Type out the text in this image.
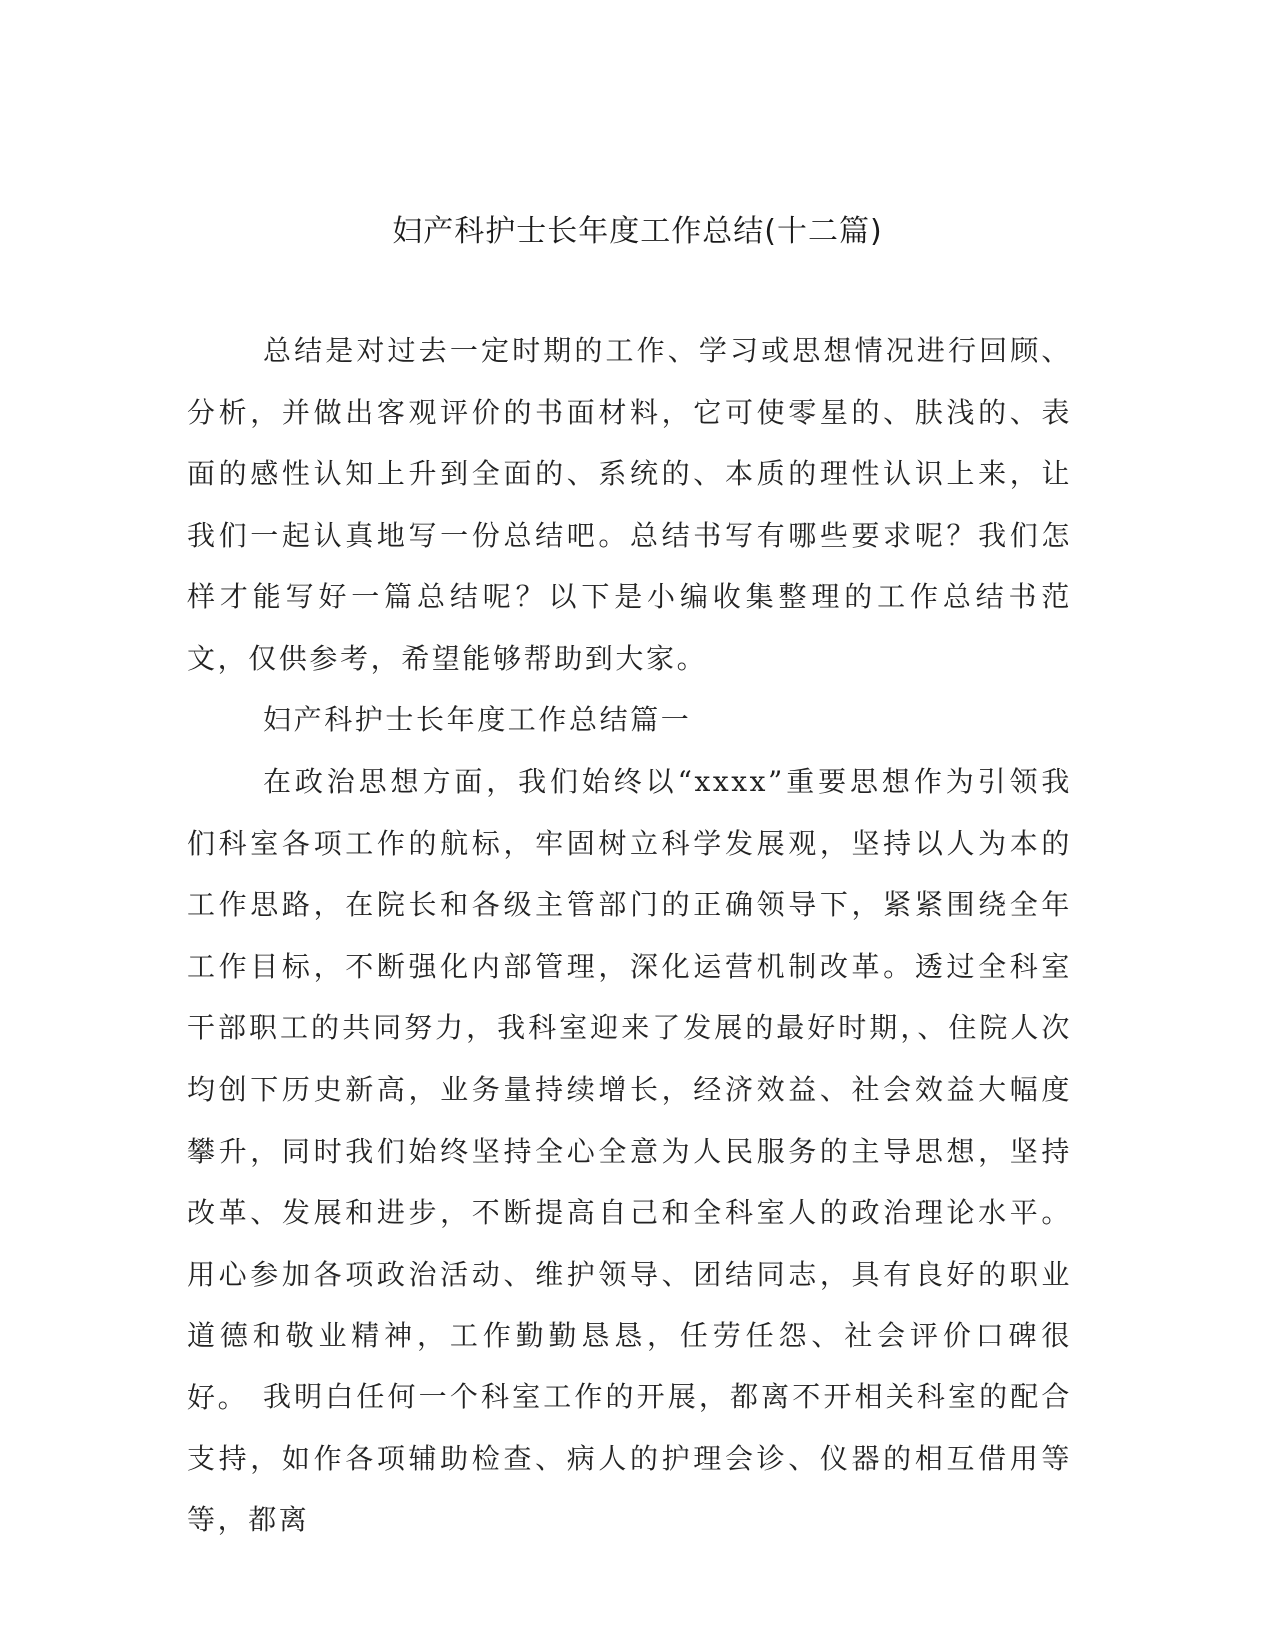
妇产科护士长年度工作总结(十二篇)

总结是对过去一定时期的工作、学习或思想情况进行回顾、分析，并做出客观评价的书面材料，它可使零星的、肤浅的、表面的感性认知上升到全面的、系统的、本质的理性认识上来，让我们一起认真地写一份总结吧。总结书写有哪些要求呢？我们怎样才能写好一篇总结呢？以下是小编收集整理的工作总结书范文，仅供参考，希望能够帮助到大家。

妇产科护士长年度工作总结篇一

在政治思想方面，我们始终以“xxxx”重要思想作为引领我们科室各项工作的航标，牢固树立科学发展观，坚持以人为本的工作思路，在院长和各级主管部门的正确领导下，紧紧围绕全年工作目标，不断强化内部管理，深化运营机制改革。透过全科室干部职工的共同努力，我科室迎来了发展的最好时期，、住院人次均创下历史新高，业务量持续增长，经济效益、社会效益大幅度攀升，同时我们始终坚持全心全意为人民服务的主导思想，坚持改革、发展和进步，不断提高自己和全科室人的政治理论水平。用心参加各项政治活动、维护领导、团结同志，具有良好的职业道德和敬业精神，工作勤勤恳恳，任劳任怨、社会评价口碑很好。 我明白任何一个科室工作的开展，都离不开相关科室的配合支持，如作各项辅助检查、病人的护理会诊、仪器的相互借用等等，都离
